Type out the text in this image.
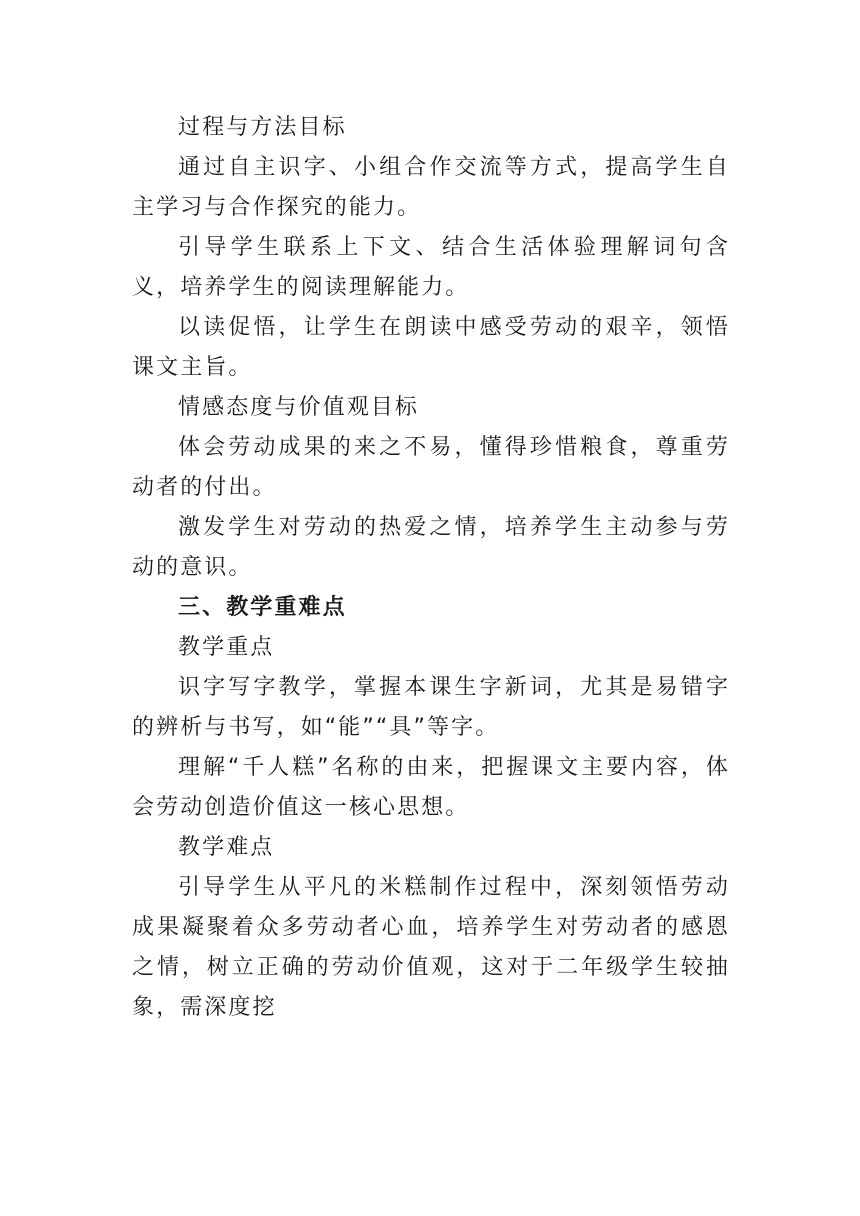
过程与方法目标

通过自主识字、小组合作交流等方式，提高学生自主学习与合作探究的能力。

引导学生联系上下文、结合生活体验理解词句含义，培养学生的阅读理解能力。

以读促悟，让学生在朗读中感受劳动的艰辛，领悟课文主旨。

情感态度与价值观目标

体会劳动成果的来之不易，懂得珍惜粮食，尊重劳动者的付出。

激发学生对劳动的热爱之情，培养学生主动参与劳动的意识。

三、教学重难点

教学重点

识字写字教学，掌握本课生字新词，尤其是易错字的辨析与书写，如“能”“具”等字。

理解“千人糕”名称的由来，把握课文主要内容，体会劳动创造价值这一核心思想。

教学难点

引导学生从平凡的米糕制作过程中，深刻领悟劳动成果凝聚着众多劳动者心血，培养学生对劳动者的感恩之情，树立正确的劳动价值观，这对于二年级学生较抽象，需深度挖
